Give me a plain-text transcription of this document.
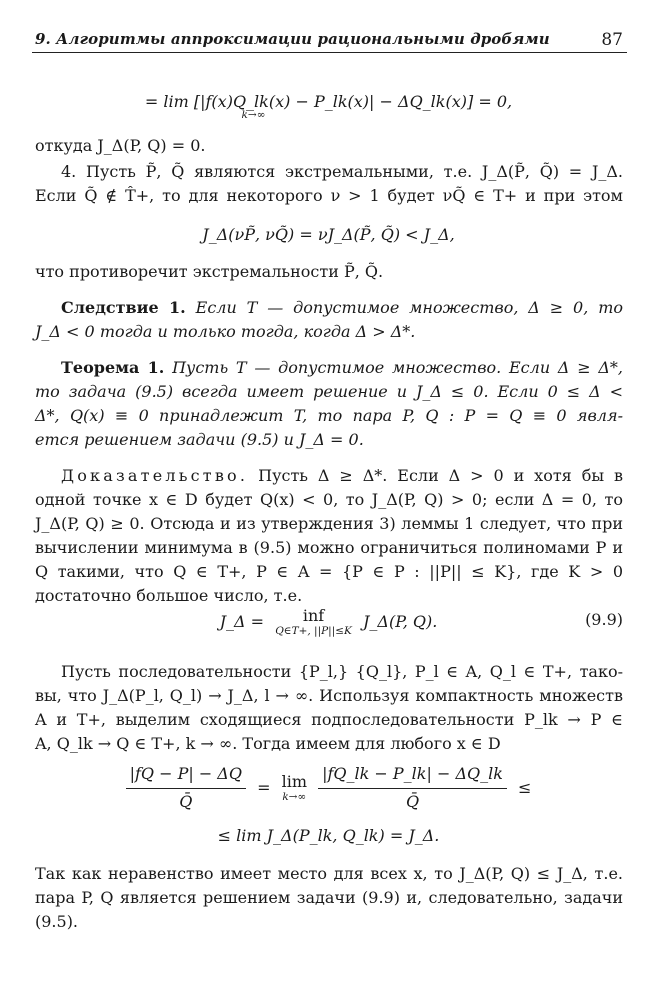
9. Алгоритмы аппроксимации рациональными дробями	87
= lim [|f(x)Q_lk(x) − P_lk(x)| − ΔQ_lk(x)] = 0,
k→∞
откуда J_Δ(P, Q) = 0.
4. Пусть P̃, Q̃ являются экстремальными, т.е. J_Δ(P̃, Q̃) = J_Δ.
Если Q̃ ∉ T̂+, то для некоторого ν > 1 будет νQ̃ ∈ T+ и при этом
J_Δ(νP̃, νQ̃) = νJ_Δ(P̃, Q̃) < J_Δ,
что противоречит экстремальности P̃, Q̃.
Следствие 1. Если T — допустимое множество, Δ ≥ 0, то
J_Δ < 0 тогда и только тогда, когда Δ > Δ*.
Теорема 1. Пусть T — допустимое множество. Если Δ ≥ Δ*,
то задача (9.5) всегда имеет решение и J_Δ ≤ 0. Если 0 ≤ Δ <
Δ*, Q(x) ≡ 0 принадлежит T, то пара P, Q : P = Q ≡ 0 явля-
ется решением задачи (9.5) и J_Δ = 0.
Доказательство. Пусть Δ ≥ Δ*. Если Δ > 0 и хотя бы в
одной точке x ∈ D будет Q(x) < 0, то J_Δ(P, Q) > 0; если Δ = 0, то
J_Δ(P, Q) ≥ 0. Отсюда и из утверждения 3) леммы 1 следует, что при
вычислении минимума в (9.5) можно ограничиться полиномами P и
Q такими, что Q ∈ T+, P ∈ A = {P ∈ P : ||P|| ≤ K}, где K > 0
достаточно большое число, т.е.
J_Δ =	inf
Q∈T+, ||P||≤K
J_Δ(P, Q).	(9.9)
Пусть последовательности {P_l,} {Q_l}, P_l ∈ A, Q_l ∈ T+, тако-
вы, что J_Δ(P_l, Q_l) → J_Δ, l → ∞. Используя компактность множеств
A и T+, выделим сходящиеся подпоследовательности P_lk → P ∈
A, Q_lk → Q ∈ T+, k → ∞. Тогда имеем для любого x ∈ D
$\frac{|fQ - P| - \Delta Q}{Q̄} = \lim$
k→∞
$\frac{|fQ\_lk - P\_lk| - \Delta Q\_lk}{Q̄}$ ≤
≤ lim J_Δ(P_lk, Q_lk) = J_Δ.
Так как неравенство имеет место для всех x, то J_Δ(P, Q) ≤ J_Δ, т.е.
пара P, Q является решением задачи (9.9) и, следовательно, задачи
(9.5).
